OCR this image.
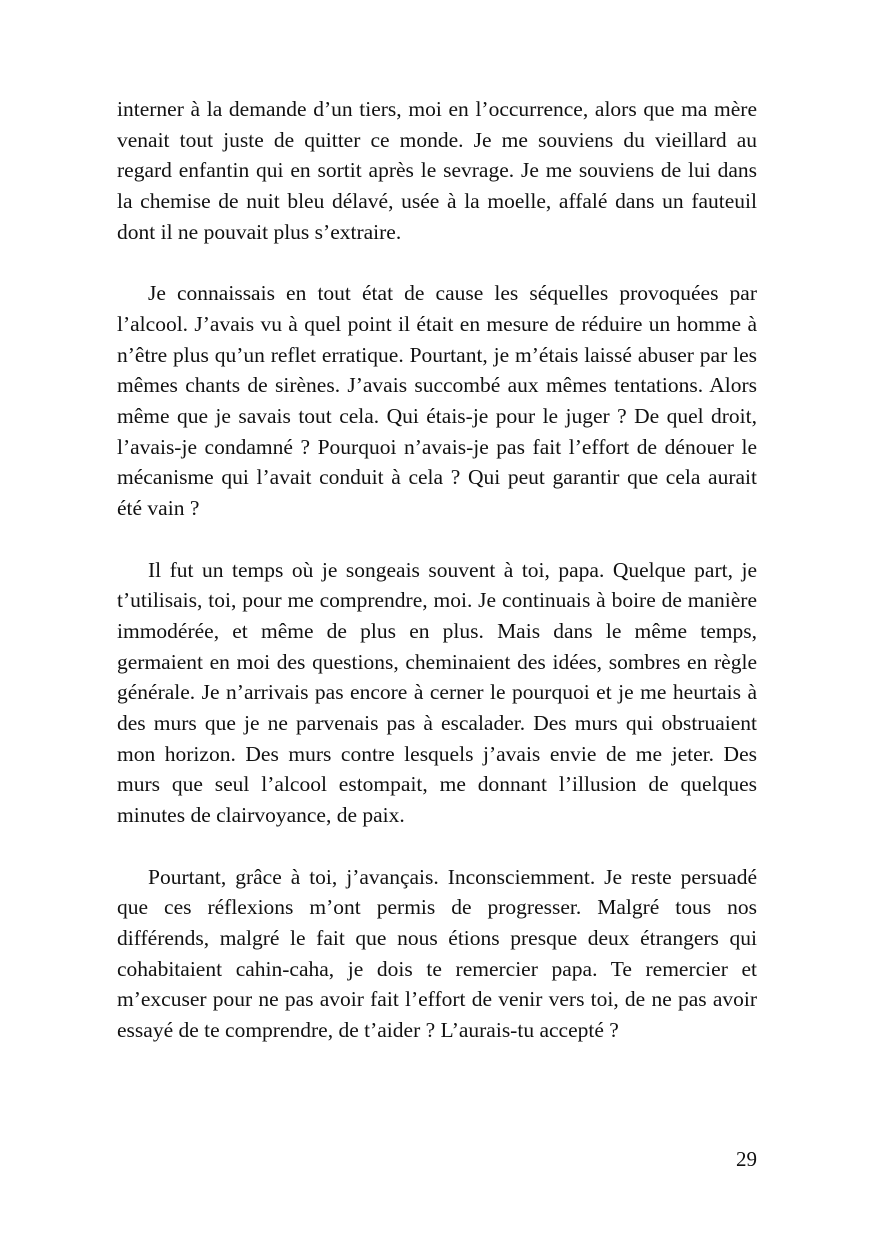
interner à la demande d’un tiers, moi en l’occurrence, alors que ma mère venait tout juste de quitter ce monde. Je me souviens du vieillard au regard enfantin qui en sortit après le sevrage. Je me souviens de lui dans la chemise de nuit bleu délavé, usée à la moelle, affalé dans un fauteuil dont il ne pouvait plus s’extraire.

Je connaissais en tout état de cause les séquelles provoquées par l’alcool. J’avais vu à quel point il était en mesure de réduire un homme à n’être plus qu’un reflet erratique. Pourtant, je m’étais laissé abuser par les mêmes chants de sirènes. J’avais succombé aux mêmes tentations. Alors même que je savais tout cela. Qui étais-je pour le juger ? De quel droit, l’avais-je condamné ? Pourquoi n’avais-je pas fait l’effort de dénouer le mécanisme qui l’avait conduit à cela ? Qui peut garantir que cela aurait été vain ?

Il fut un temps où je songeais souvent à toi, papa. Quelque part, je t’utilisais, toi, pour me comprendre, moi. Je continuais à boire de manière immodérée, et même de plus en plus. Mais dans le même temps, germaient en moi des questions, cheminaient des idées, sombres en règle générale. Je n’arrivais pas encore à cerner le pourquoi et je me heurtais à des murs que je ne parvenais pas à escalader. Des murs qui obstruaient mon horizon. Des murs contre lesquels j’avais envie de me jeter. Des murs que seul l’alcool estompait, me donnant l’illusion de quelques minutes de clairvoyance, de paix.

Pourtant, grâce à toi, j’avançais. Inconsciemment. Je reste persuadé que ces réflexions m’ont permis de progresser. Malgré tous nos différends, malgré le fait que nous étions presque deux étrangers qui cohabitaient cahin-caha, je dois te remercier papa. Te remercier et m’excuser pour ne pas avoir fait l’effort de venir vers toi, de ne pas avoir essayé de te comprendre, de t’aider ? L’aurais-tu accepté ?

29
